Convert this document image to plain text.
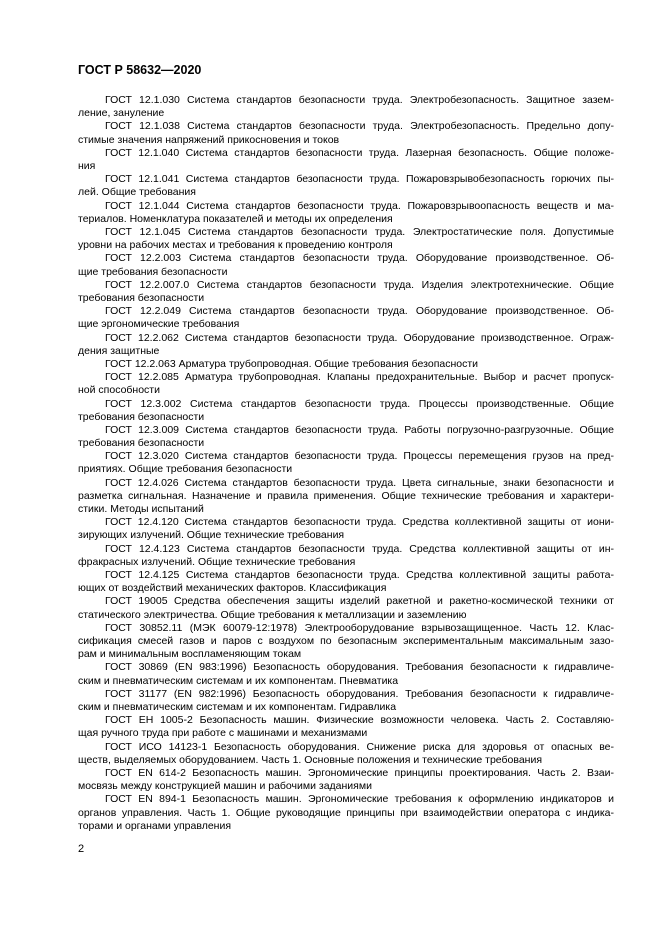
ГОСТ Р 58632—2020
ГОСТ 12.1.030 Система стандартов безопасности труда. Электробезопасность. Защитное зазем-
ление, зануление
ГОСТ 12.1.038 Система стандартов безопасности труда. Электробезопасность. Предельно допу-
стимые значения напряжений прикосновения и токов
ГОСТ 12.1.040 Система стандартов безопасности труда. Лазерная безопасность. Общие положе-
ния
ГОСТ 12.1.041 Система стандартов безопасности труда. Пожаровзрывобезопасность горючих пы-
лей. Общие требования
ГОСТ 12.1.044 Система стандартов безопасности труда. Пожаровзрывоопасность веществ и ма-
териалов. Номенклатура показателей и методы их определения
ГОСТ 12.1.045 Система стандартов безопасности труда. Электростатические поля. Допустимые
уровни на рабочих местах и требования к проведению контроля
ГОСТ 12.2.003 Система стандартов безопасности труда. Оборудование производственное. Об-
щие требования безопасности
ГОСТ 12.2.007.0 Система стандартов безопасности труда. Изделия электротехнические. Общие
требования безопасности
ГОСТ 12.2.049 Система стандартов безопасности труда. Оборудование производственное. Об-
щие эргономические требования
ГОСТ 12.2.062 Система стандартов безопасности труда. Оборудование производственное. Ограж-
дения защитные
ГОСТ 12.2.063 Арматура трубопроводная. Общие требования безопасности
ГОСТ 12.2.085 Арматура трубопроводная. Клапаны предохранительные. Выбор и расчет пропуск-
ной способности
ГОСТ 12.3.002 Система стандартов безопасности труда. Процессы производственные. Общие
требования безопасности
ГОСТ 12.3.009 Система стандартов безопасности труда. Работы погрузочно-разгрузочные. Общие
требования безопасности
ГОСТ 12.3.020 Система стандартов безопасности труда. Процессы перемещения грузов на пред-
приятиях. Общие требования безопасности
ГОСТ 12.4.026 Система стандартов безопасности труда. Цвета сигнальные, знаки безопасности и
разметка сигнальная. Назначение и правила применения. Общие технические требования и характери-
стики. Методы испытаний
ГОСТ 12.4.120 Система стандартов безопасности труда. Средства коллективной защиты от иони-
зирующих излучений. Общие технические требования
ГОСТ 12.4.123 Система стандартов безопасности труда. Средства коллективной защиты от ин-
фракрасных излучений. Общие технические требования
ГОСТ 12.4.125 Система стандартов безопасности труда. Средства коллективной защиты работа-
ющих от воздействий механических факторов. Классификация
ГОСТ 19005 Средства обеспечения защиты изделий ракетной и ракетно-космической техники от
статического электричества. Общие требования к металлизации и заземлению
ГОСТ 30852.11 (МЭК 60079-12:1978) Электрооборудование взрывозащищенное. Часть 12. Клас-
сификация смесей газов и паров с воздухом по безопасным экспериментальным максимальным зазо-
рам и минимальным воспламеняющим токам
ГОСТ 30869 (EN 983:1996) Безопасность оборудования. Требования безопасности к гидравличе-
ским и пневматическим системам и их компонентам. Пневматика
ГОСТ 31177 (EN 982:1996) Безопасность оборудования. Требования безопасности к гидравличе-
ским и пневматическим системам и их компонентам. Гидравлика
ГОСТ ЕН 1005-2 Безопасность машин. Физические возможности человека. Часть 2. Составляю-
щая ручного труда при работе с машинами и механизмами
ГОСТ ИСО 14123-1 Безопасность оборудования. Снижение риска для здоровья от опасных ве-
ществ, выделяемых оборудованием. Часть 1. Основные положения и технические требования
ГОСТ EN 614-2 Безопасность машин. Эргономические принципы проектирования. Часть 2. Взаи-
мосвязь между конструкцией машин и рабочими заданиями
ГОСТ EN 894-1 Безопасность машин. Эргономические требования к оформлению индикаторов и
органов управления. Часть 1. Общие руководящие принципы при взаимодействии оператора с индика-
торами и органами управления
2
